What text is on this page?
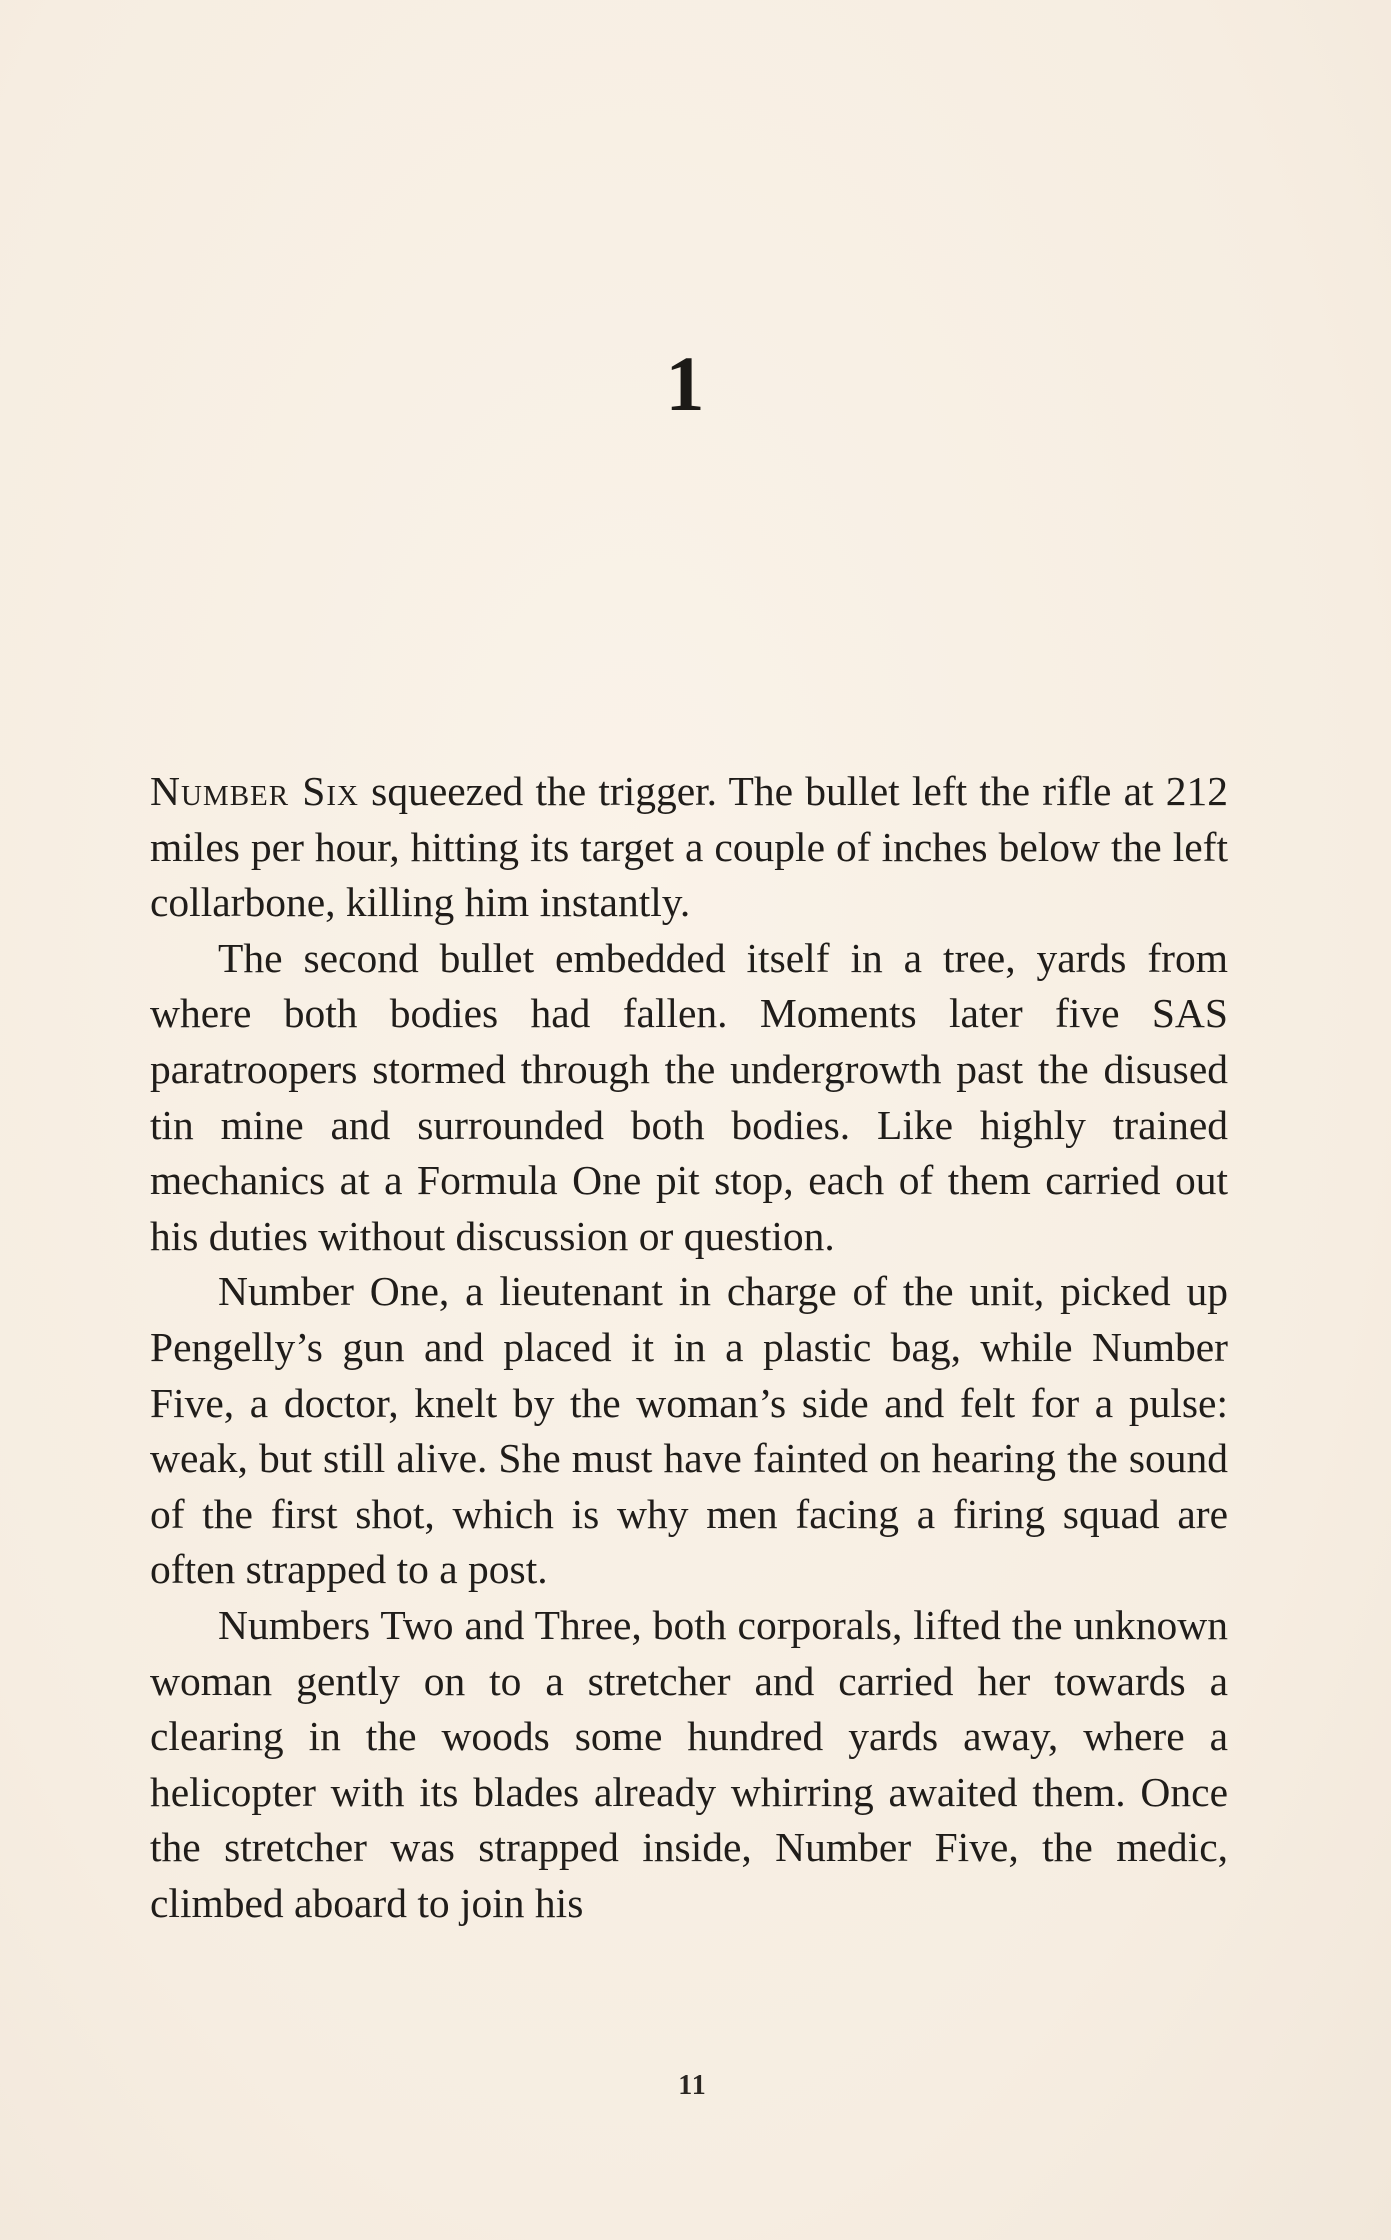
1

Number Six squeezed the trigger. The bullet left the rifle at 212 miles per hour, hitting its target a couple of inches below the left collarbone, killing him instantly.

The second bullet embedded itself in a tree, yards from where both bodies had fallen. Moments later five SAS paratroopers stormed through the undergrowth past the disused tin mine and surrounded both bodies. Like highly trained mechanics at a Formula One pit stop, each of them carried out his duties without discussion or question.

Number One, a lieutenant in charge of the unit, picked up Pengelly’s gun and placed it in a plastic bag, while Number Five, a doctor, knelt by the woman’s side and felt for a pulse: weak, but still alive. She must have fainted on hearing the sound of the first shot, which is why men facing a firing squad are often strapped to a post.

Numbers Two and Three, both corporals, lifted the unknown woman gently on to a stretcher and carried her towards a clearing in the woods some hundred yards away, where a helicopter with its blades already whirring awaited them. Once the stretcher was strapped inside, Number Five, the medic, climbed aboard to join his

11
